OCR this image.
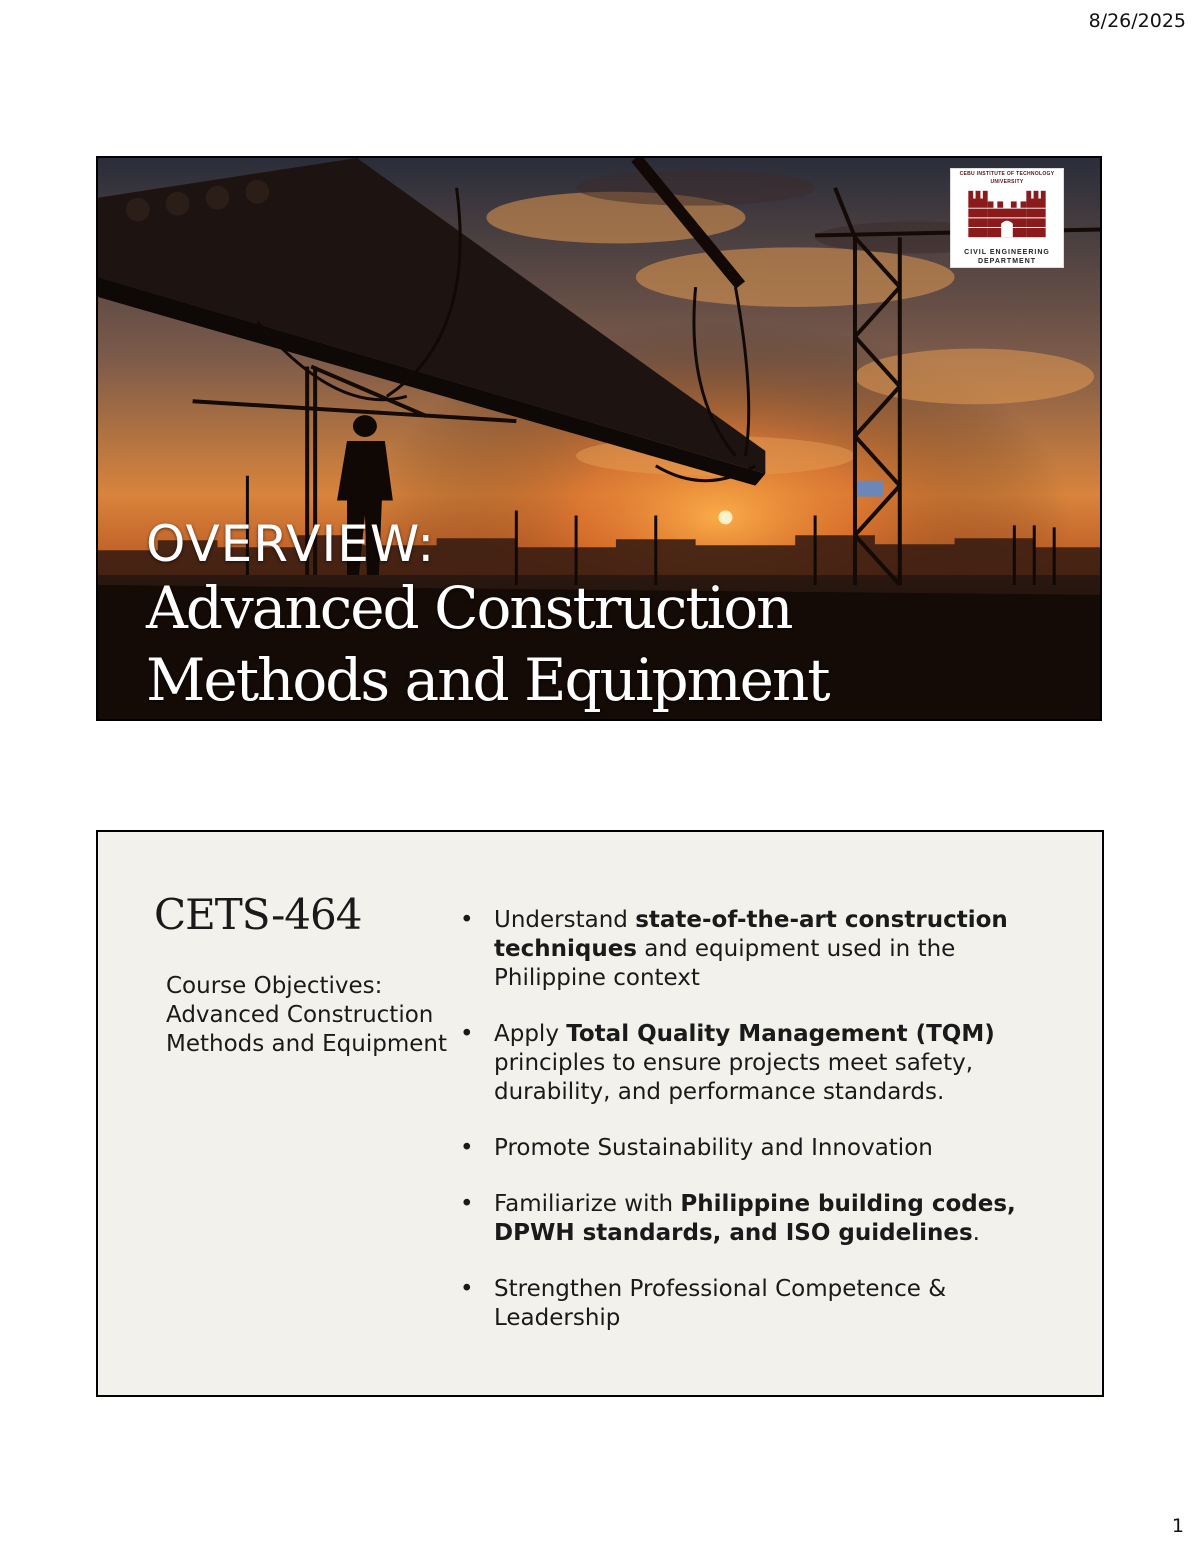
8/26/2025
CEBU INSTITUTE OF TECHNOLOGY
UNIVERSITY
CIVIL ENGINEERING
DEPARTMENT
OVERVIEW:
Advanced Construction
Methods and Equipment
CETS-464
Course Objectives: Advanced Construction Methods and Equipment
• Understand state-of-the-art construction techniques and equipment used in the Philippine context
• Apply Total Quality Management (TQM) principles to ensure projects meet safety, durability, and performance standards.
• Promote Sustainability and Innovation
• Familiarize with Philippine building codes, DPWH standards, and ISO guidelines.
• Strengthen Professional Competence & Leadership
1
